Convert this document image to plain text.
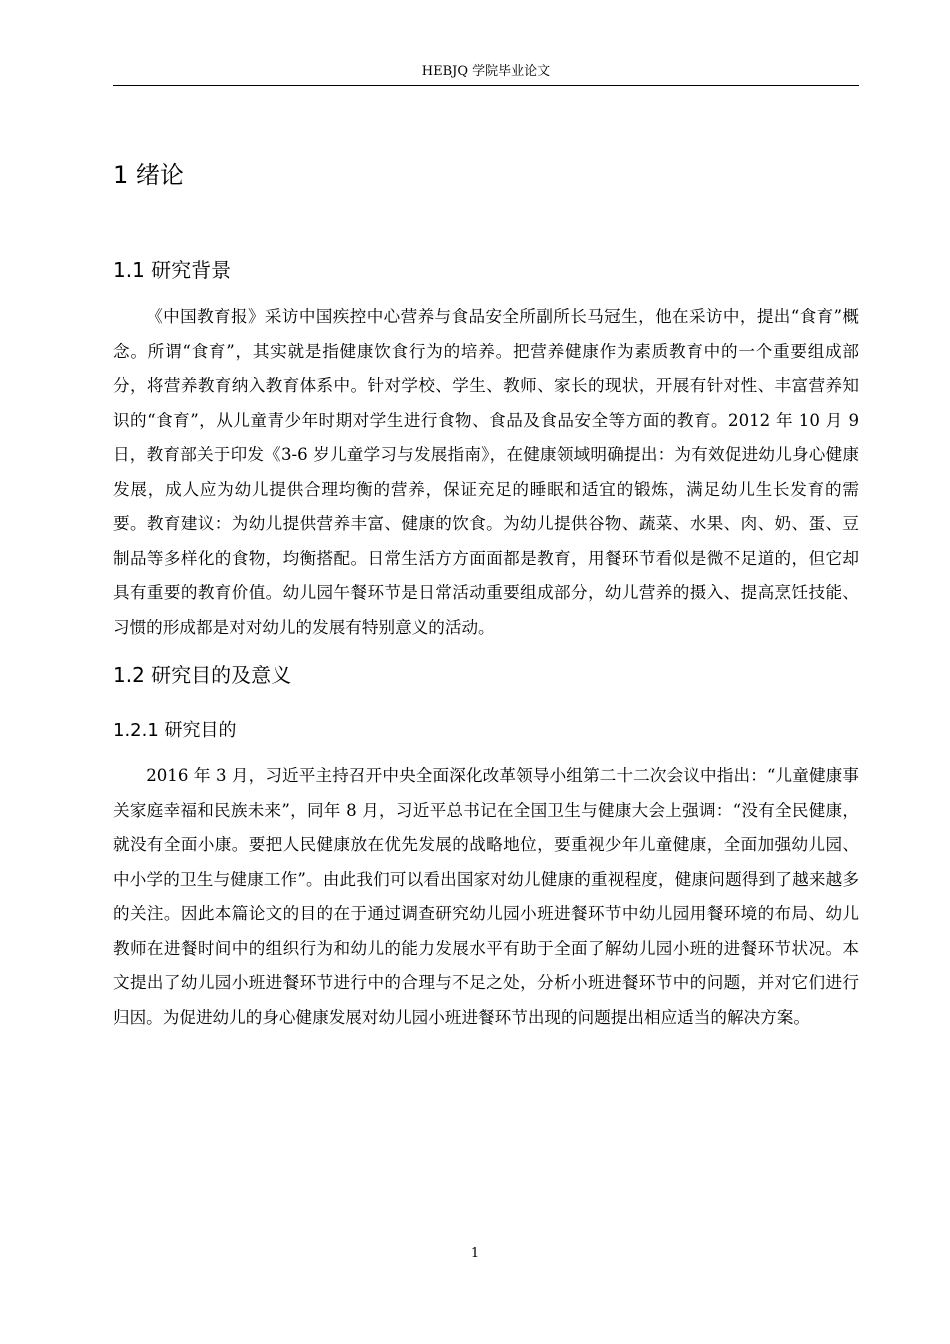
HEBJQ 学院毕业论文
1 绪论
1.1 研究背景

《中国教育报》采访中国疾控中心营养与食品安全所副所长马冠生，他在采访中，提出“食育”概念。所谓“食育”，其实就是指健康饮食行为的培养。把营养健康作为素质教育中的一个重要组成部分，将营养教育纳入教育体系中。针对学校、学生、教师、家长的现状，开展有针对性、丰富营养知识的“食育”，从儿童青少年时期对学生进行食物、食品及食品安全等方面的教育。2012 年 10 月 9 日，教育部关于印发《3-6 岁儿童学习与发展指南》，在健康领域明确提出：为有效促进幼儿身心健康发展，成人应为幼儿提供合理均衡的营养，保证充足的睡眠和适宜的锻炼，满足幼儿生长发育的需要。教育建议：为幼儿提供营养丰富、健康的饮食。为幼儿提供谷物、蔬菜、水果、肉、奶、蛋、豆制品等多样化的食物，均衡搭配。日常生活方方面面都是教育，用餐环节看似是微不足道的，但它却具有重要的教育价值。幼儿园午餐环节是日常活动重要组成部分，幼儿营养的摄入、提高烹饪技能、习惯的形成都是对对幼儿的发展有特别意义的活动。

1.2 研究目的及意义
1.2.1 研究目的

2016 年 3 月，习近平主持召开中央全面深化改革领导小组第二十二次会议中指出：“儿童健康事关家庭幸福和民族未来”，同年 8 月，习近平总书记在全国卫生与健康大会上强调：“没有全民健康，就没有全面小康。要把人民健康放在优先发展的战略地位，要重视少年儿童健康，全面加强幼儿园、中小学的卫生与健康工作”。由此我们可以看出国家对幼儿健康的重视程度，健康问题得到了越来越多的关注。因此本篇论文的目的在于通过调查研究幼儿园小班进餐环节中幼儿园用餐环境的布局、幼儿教师在进餐时间中的组织行为和幼儿的能力发展水平有助于全面了解幼儿园小班的进餐环节状况。本文提出了幼儿园小班进餐环节进行中的合理与不足之处，分析小班进餐环节中的问题，并对它们进行归因。为促进幼儿的身心健康发展对幼儿园小班进餐环节出现的问题提出相应适当的解决方案。

1
